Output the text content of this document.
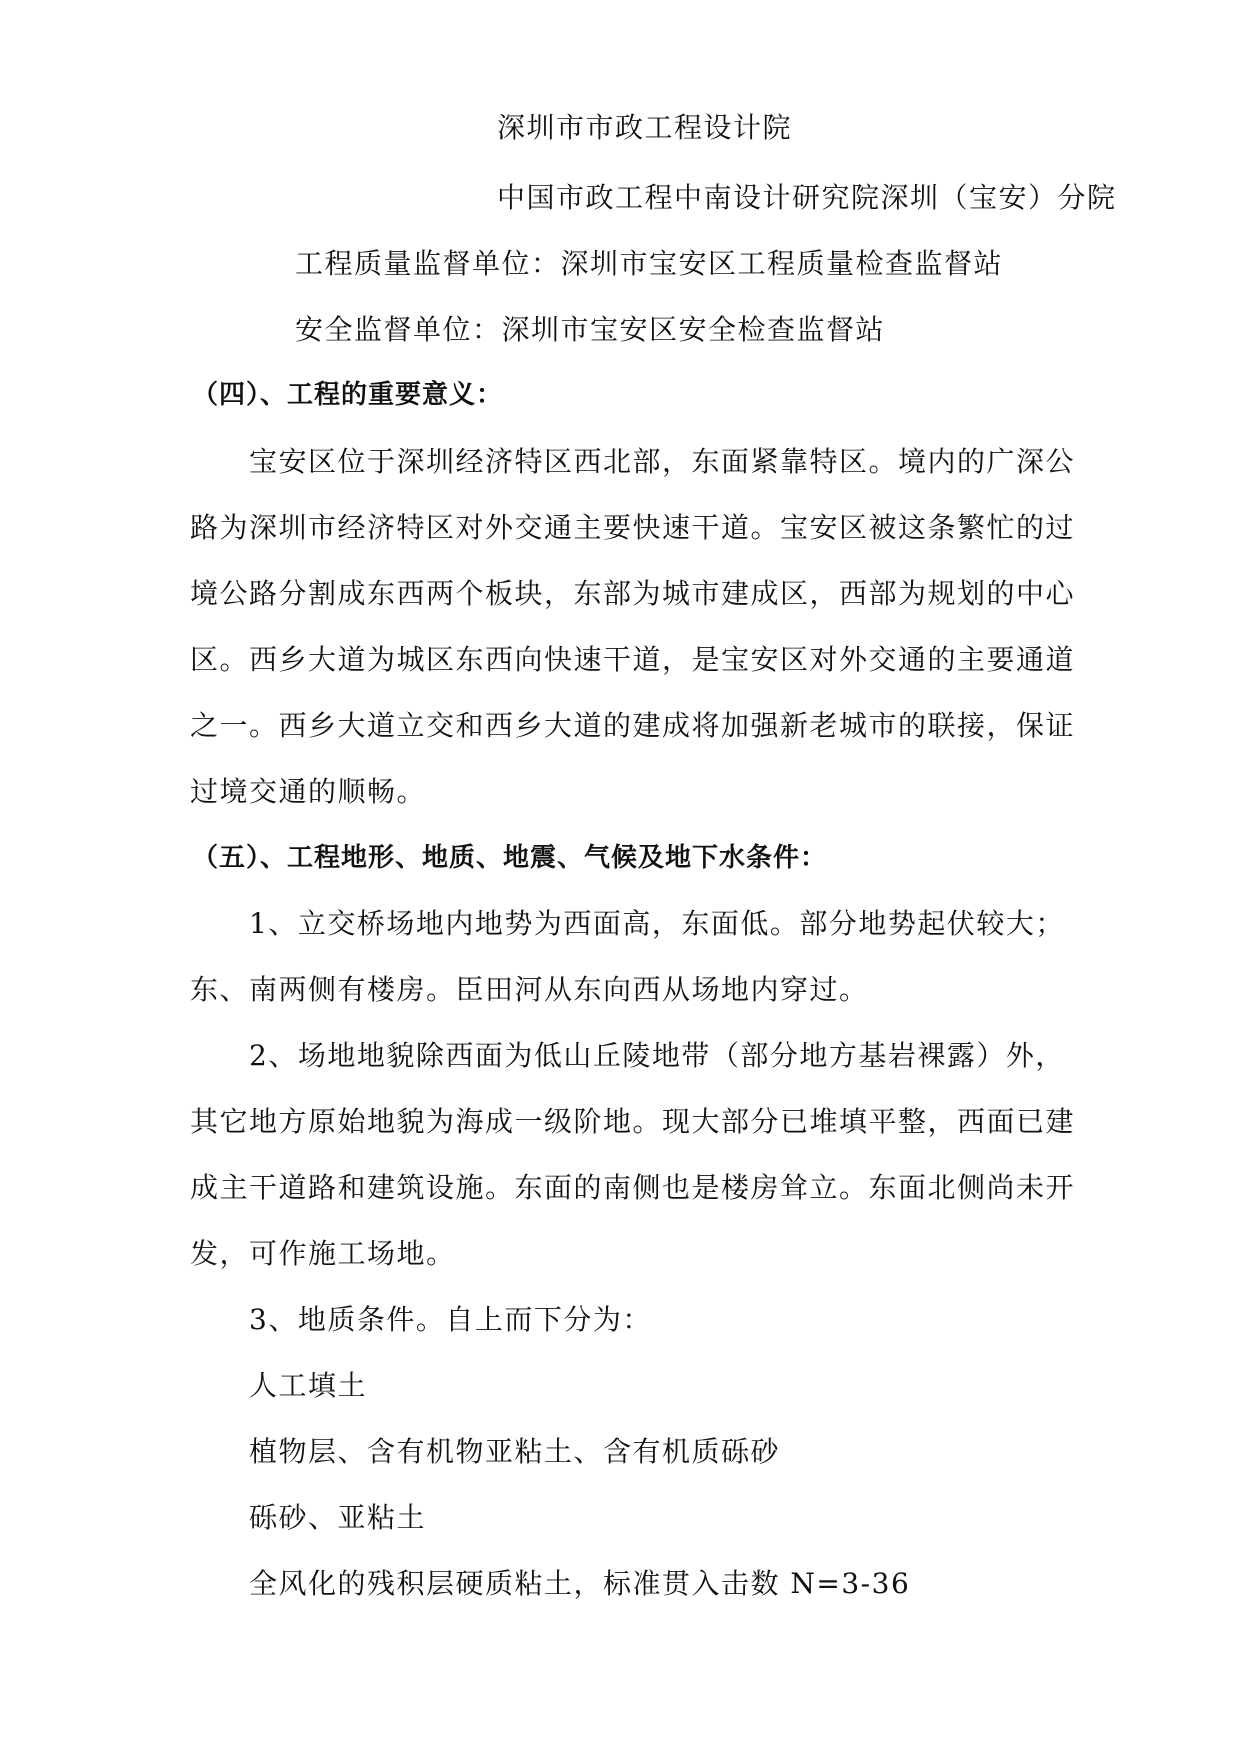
深圳市市政工程设计院
中国市政工程中南设计研究院深圳（宝安）分院
工程质量监督单位：深圳市宝安区工程质量检查监督站
安全监督单位：深圳市宝安区安全检查监督站
（四）、工程的重要意义：
宝安区位于深圳经济特区西北部，东面紧靠特区。境内的广深公
路为深圳市经济特区对外交通主要快速干道。宝安区被这条繁忙的过
境公路分割成东西两个板块，东部为城市建成区，西部为规划的中心
区。西乡大道为城区东西向快速干道，是宝安区对外交通的主要通道
之一。西乡大道立交和西乡大道的建成将加强新老城市的联接，保证
过境交通的顺畅。
（五）、工程地形、地质、地震、气候及地下水条件：
1、立交桥场地内地势为西面高，东面低。部分地势起伏较大；
东、南两侧有楼房。臣田河从东向西从场地内穿过。
2、场地地貌除西面为低山丘陵地带（部分地方基岩裸露）外，
其它地方原始地貌为海成一级阶地。现大部分已堆填平整，西面已建
成主干道路和建筑设施。东面的南侧也是楼房耸立。东面北侧尚未开
发，可作施工场地。
3、地质条件。自上而下分为：
人工填土
植物层、含有机物亚粘土、含有机质砾砂
砾砂、亚粘土
全风化的残积层硬质粘土，标准贯入击数 N=3-36
